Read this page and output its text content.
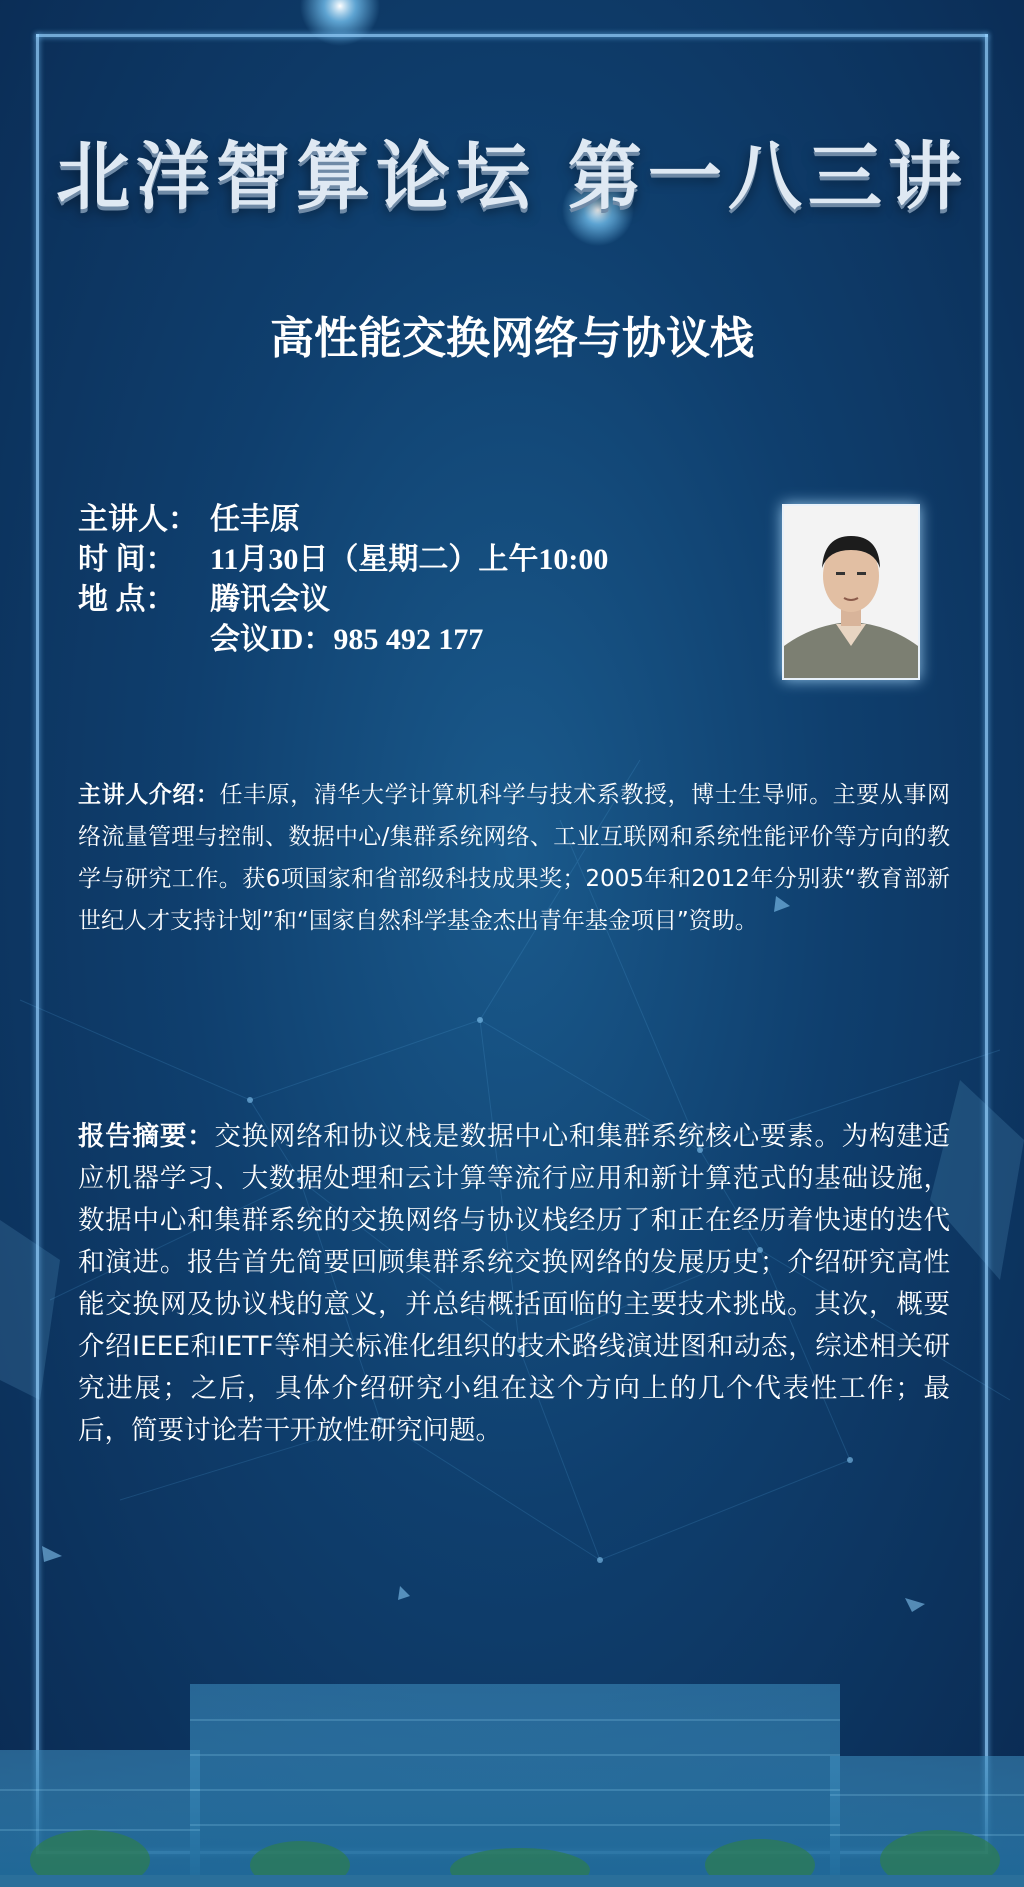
北洋智算论坛 第一八三讲
高性能交换网络与协议栈
主讲人： 任丰原
时 间：	11月30日（星期二）上午10:00
地 点：	腾讯会议
会议ID：985 492 177
主讲人介绍：任丰原，清华大学计算机科学与技术系教授，博士生导师。主要从事网络流量管理与控制、数据中心/集群系统网络、工业互联网和系统性能评价等方向的教学与研究工作。获6项国家和省部级科技成果奖；2005年和2012年分别获“教育部新世纪人才支持计划”和“国家自然科学基金杰出青年基金项目”资助。
报告摘要：交换网络和协议栈是数据中心和集群系统核心要素。为构建适应机器学习、大数据处理和云计算等流行应用和新计算范式的基础设施，数据中心和集群系统的交换网络与协议栈经历了和正在经历着快速的迭代和演进。报告首先简要回顾集群系统交换网络的发展历史；介绍研究高性能交换网及协议栈的意义，并总结概括面临的主要技术挑战。其次，概要介绍IEEE和IETF等相关标准化组织的技术路线演进图和动态，综述相关研究进展；之后，具体介绍研究小组在这个方向上的几个代表性工作；最后，简要讨论若干开放性研究问题。
